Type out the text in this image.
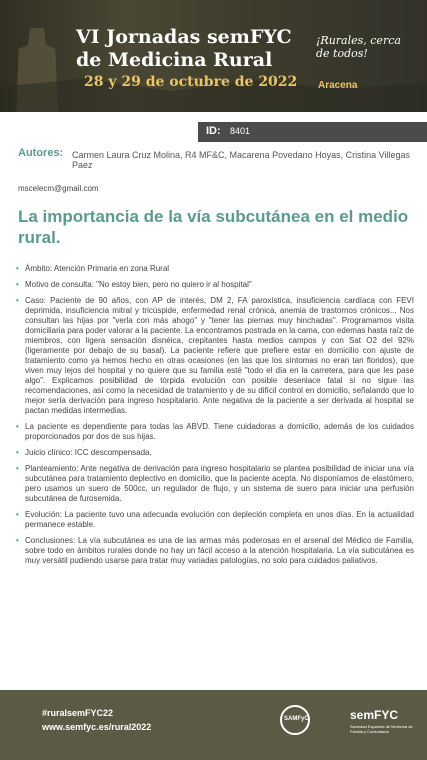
VI Jornadas semFYC
de Medicina Rural
28 y 29 de octubre de 2022
¡Rurales, cerca de todos!
Aracena
ID: 8401
Autores: Carmen Laura Cruz Molina, R4 MF&C, Macarena Povedano Hoyas, Cristina Villegas Paez
mscelecm@gmail.com
La importancia de la vía subcutánea en el medio rural.
• Ámbito: Atención Primaria en zona Rural

• Motivo de consulta: "No estoy bien, pero no quiero ir al hospital"

• Caso: Paciente de 90 años, con AP de interés, DM 2, FA paroxística, insuficiencia cardíaca con FEVI deprimida, insuficiencia mitral y tricúspide, enfermedad renal crónica, anemia de trastornos crónicos... Nos consultan las hijas por "verla con más ahogo" y "tener las piernas muy hinchadas". Programamos visita domiciliaria para poder valorar a la paciente. La encontramos postrada en la cama, con edemas hasta raíz de miembros, con ligera sensación disnéica, crepitantes hasta medios campos y con Sat O2 del 92% (ligeramente por debajo de su basal). La paciente refiere que prefiere estar en domicilio con ajuste de tratamiento como ya hemos hecho en otras ocasiones (en las que los síntomas no eran tan floridos), que viven muy lejos del hospital y no quiere que su familia esté "todo el día en la carretera, para que les pase algo". Explicamos posibilidad de tórpida evolución con posible desenlace fatal si no sigue las recomendaciones, así como la necesidad de tratamiento y de su difícil control en domicilio, señalando que lo mejor sería derivación para ingreso hospitalario. Ante negativa de la paciente a ser derivada al hospital se pactan medidas intermedias.

• La paciente es dependiente para todas las ABVD. Tiene cuidadoras a domicilio, además de los cuidados proporcionados por dos de sus hijas.

• Juicio clínico: ICC descompensada.

• Planteamiento: Ante negativa de derivación para ingreso hospitalario se plantea posibilidad de iniciar una vía subcutánea para tratamiento deplectivo en domicilio, que la paciente acepta. No disponíamos de elastómero, pero usamos un suero de 500cc, un regulador de flujo, y un sistema de suero para iniciar una perfusión subcutánea de furosemida.

• Evolución: La paciente tuvo una adecuada evolución con depleción completa en unos días. En la actualidad permanece estable.

• Conclusiones: La vía subcutánea es una de las armas más poderosas en el arsenal del Médico de Familia, sobre todo en ámbitos rurales donde no hay un fácil acceso a la atención hospitalaria. La vía subcutánea es muy versátil pudiendo usarse para tratar muy variadas patologías, no solo para cuidados paliativos.

#ruralsemFYC22
www.semfyc.es/rural2022
SAMFyC	semFYC
Sociedad Española de Medicina de Familia y Comunitaria
